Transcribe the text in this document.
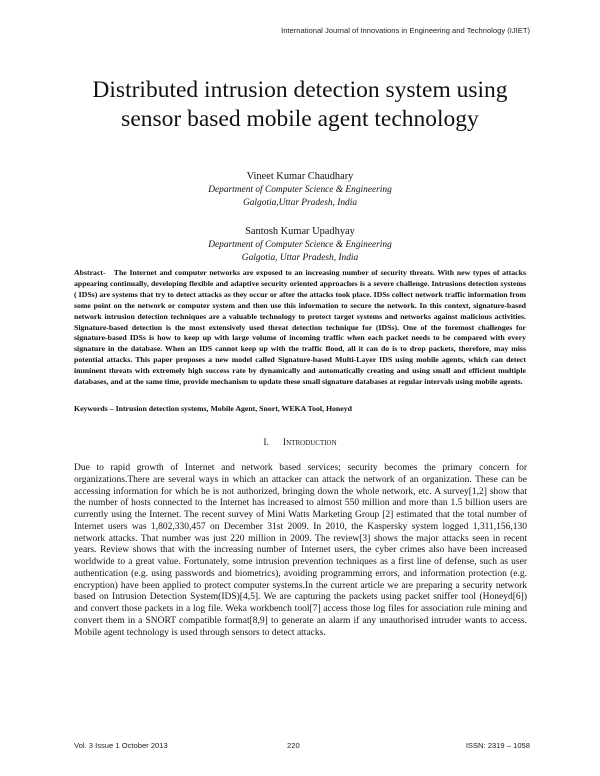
International Journal of Innovations in Engineering and Technology (IJIET)
Distributed intrusion detection system using sensor based mobile agent technology
Vineet Kumar Chaudhary
Department of Computer Science & Engineering
Galgotia,Uttar Pradesh, India
Santosh Kumar Upadhyay
Department of Computer Science & Engineering
Galgotia, Uttar Pradesh, India

Abstract- The Internet and computer networks are exposed to an increasing number of security threats. With new types of attacks appearing continually, developing flexible and adaptive security oriented approaches is a severe challenge. Intrusions detection systems ( IDSs) are systems that try to detect attacks as they occur or after the attacks took place. IDSs collect network traffic information from some point on the network or computer system and then use this information to secure the network. In this context, signature-based network intrusion detection techniques are a valuable technology to protect target systems and networks against malicious activities. Signature-based detection is the most extensively used threat detection technique for (IDSs). One of the foremost challenges for signature-based IDSs is how to keep up with large volume of incoming traffic when each packet needs to be compared with every signature in the database. When an IDS cannot keep up with the traffic flood, all it can do is to drop packets, therefore, may miss potential attacks. This paper proposes a new model called Signature-based Multi-Layer IDS using mobile agents, which can detect imminent threats with extremely high success rate by dynamically and automatically creating and using small and efficient multiple databases, and at the same time, provide mechanism to update these small signature databases at regular intervals using mobile agents.

Keywords – Intrusion detection systems, Mobile Agent, Snort, WEKA Tool, Honeyd

I. Introduction

Due to rapid growth of Internet and network based services; security becomes the primary concern for organizations.There are several ways in which an attacker can attack the network of an organization. These can be accessing information for which he is not authorized, bringing down the whole network, etc. A survey[1,2] show that the number of hosts connected to the Internet has increased to almost 550 million and more than 1.5 billion users are currently using the Internet. The recent survey of Mini Watts Marketing Group [2] estimated that the total number of Internet users was 1,802,330,457 on December 31st 2009. In 2010, the Kaspersky system logged 1,311,156,130 network attacks. That number was just 220 million in 2009. The review[3] shows the major attacks seen in recent years. Review shows that with the increasing number of Internet users, the cyber crimes also have been increased worldwide to a great value. Fortunately, some intrusion prevention techniques as a first line of defense, such as user authentication (e.g. using passwords and biometrics), avoiding programming errors, and information protection (e.g. encryption) have been applied to protect computer systems.In the current article we are preparing a security network based on Intrusion Detection System(IDS)[4,5]. We are capturing the packets using packet sniffer tool (Honeyd[6]) and convert those packets in a log file. Weka workbench tool[7] access those log files for association rule mining and convert them in a SNORT compatible format[8,9] to generate an alarm if any unauthorised intruder wants to access. Mobile agent technology is used through sensors to detect attacks.

Vol. 3 Issue 1 October 2013	220	ISSN: 2319 – 1058
